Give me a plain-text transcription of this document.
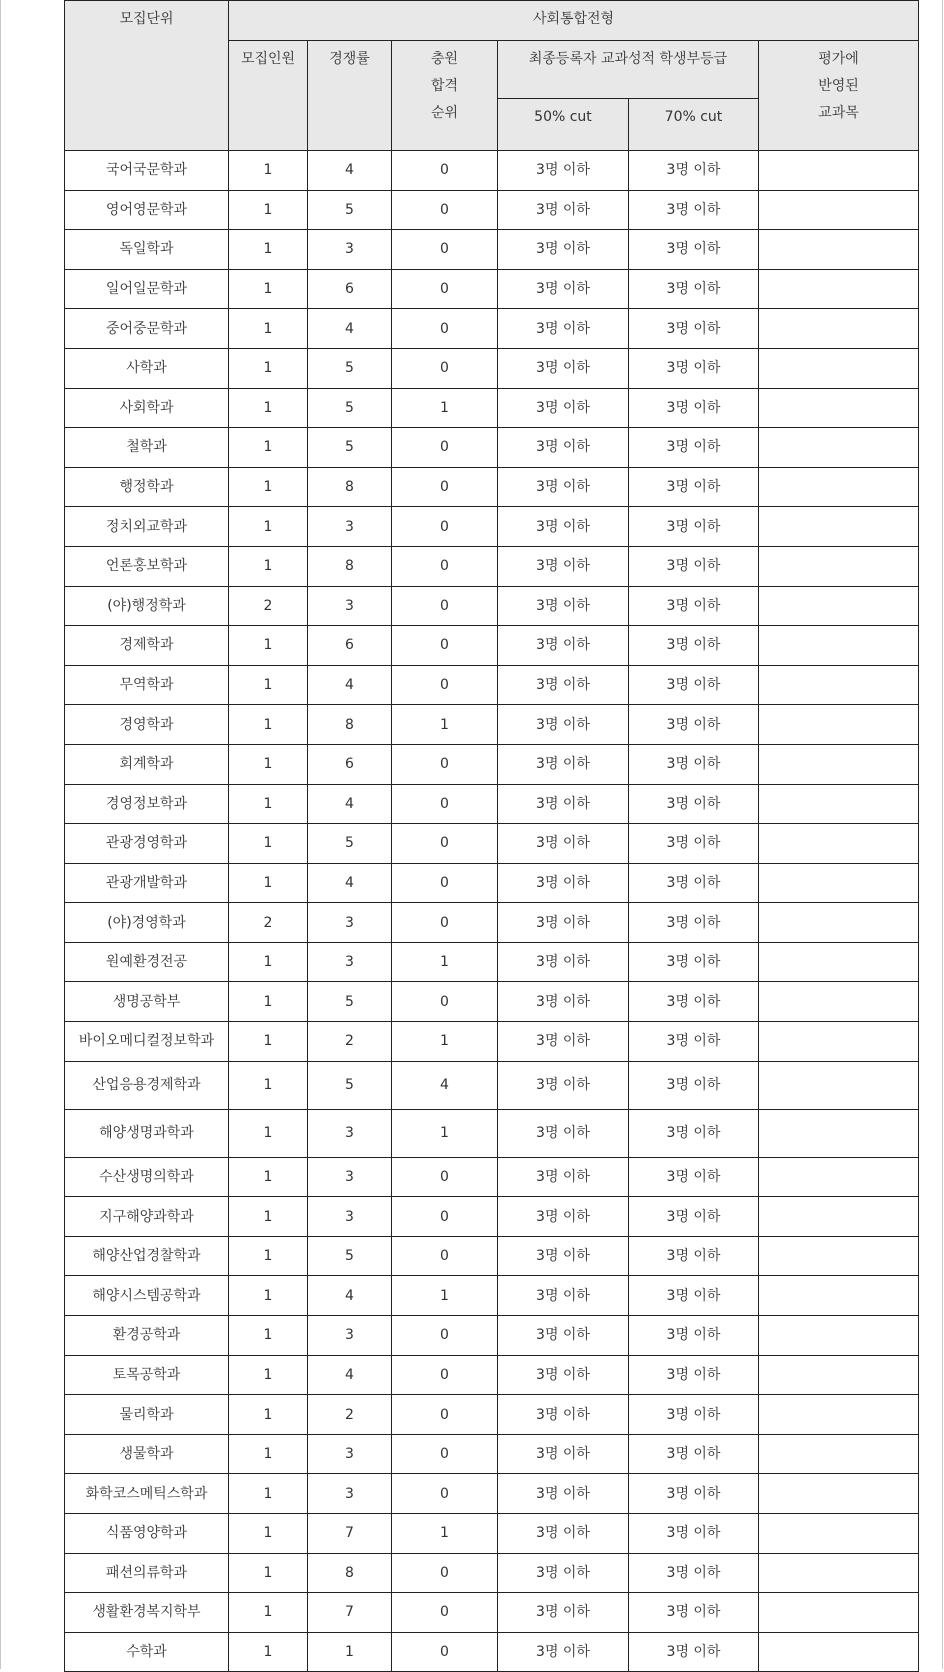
모집단위	사회통합전형					
	모집인원	경쟁률	충원
합격
순위	최종등록자 교과성적 학생부등급		평가에
반영된
교과목

				50% cut	70% cut	
국어국문학과	1	4	0	3명 이하	3명 이하	
영어영문학과	1	5	0	3명 이하	3명 이하	
독일학과	1	3	0	3명 이하	3명 이하	
일어일문학과	1	6	0	3명 이하	3명 이하	
중어중문학과	1	4	0	3명 이하	3명 이하	
사학과	1	5	0	3명 이하	3명 이하	
사회학과	1	5	1	3명 이하	3명 이하	
철학과	1	5	0	3명 이하	3명 이하	
행정학과	1	8	0	3명 이하	3명 이하	
정치외교학과	1	3	0	3명 이하	3명 이하	
언론홍보학과	1	8	0	3명 이하	3명 이하	
(야)행정학과	2	3	0	3명 이하	3명 이하	
경제학과	1	6	0	3명 이하	3명 이하	
무역학과	1	4	0	3명 이하	3명 이하	
경영학과	1	8	1	3명 이하	3명 이하	
회계학과	1	6	0	3명 이하	3명 이하	
경영정보학과	1	4	0	3명 이하	3명 이하	
관광경영학과	1	5	0	3명 이하	3명 이하	
관광개발학과	1	4	0	3명 이하	3명 이하	
(야)경영학과	2	3	0	3명 이하	3명 이하	
원예환경전공	1	3	1	3명 이하	3명 이하	
생명공학부	1	5	0	3명 이하	3명 이하	
바이오메디컬정보학과	1	2	1	3명 이하	3명 이하	
산업응용경제학과	1	5	4	3명 이하	3명 이하	
해양생명과학과	1	3	1	3명 이하	3명 이하	
수산생명의학과	1	3	0	3명 이하	3명 이하	
지구해양과학과	1	3	0	3명 이하	3명 이하	
해양산업경찰학과	1	5	0	3명 이하	3명 이하	
해양시스템공학과	1	4	1	3명 이하	3명 이하	
환경공학과	1	3	0	3명 이하	3명 이하	
토목공학과	1	4	0	3명 이하	3명 이하	
물리학과	1	2	0	3명 이하	3명 이하	
생물학과	1	3	0	3명 이하	3명 이하	
화학코스메틱스학과	1	3	0	3명 이하	3명 이하	
식품영양학과	1	7	1	3명 이하	3명 이하	
패션의류학과	1	8	0	3명 이하	3명 이하	
생활환경복지학부	1	7	0	3명 이하	3명 이하	
수학과	1	1	0	3명 이하	3명 이하	
